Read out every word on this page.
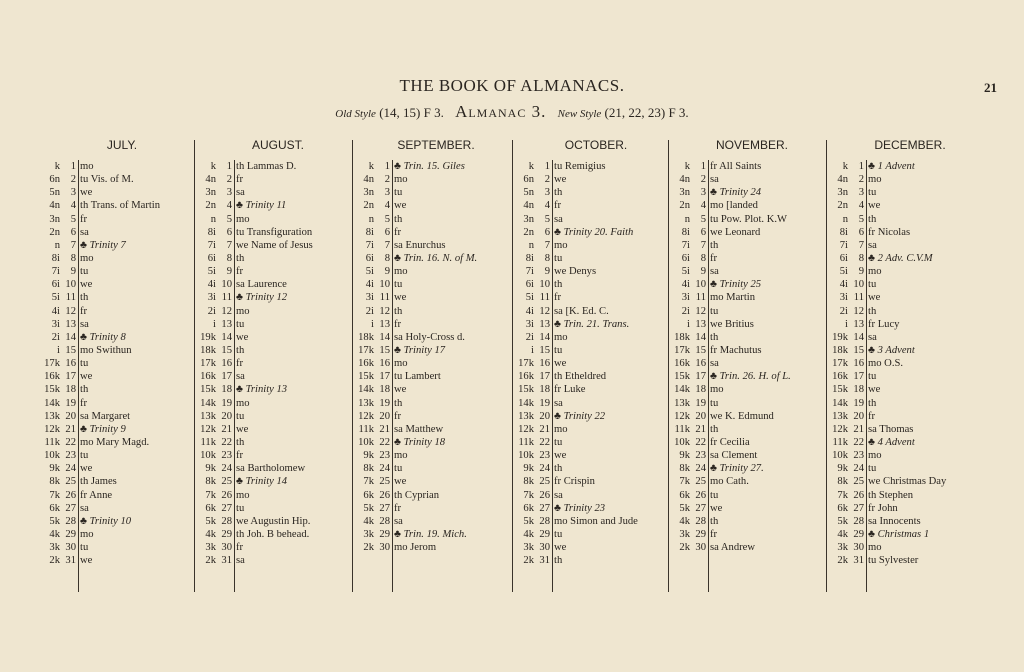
THE BOOK OF ALMANACS.	21
Old Style (14, 15) F 3. Almanac 3. New Style (21, 22, 23) F 3.
JULY.
k	1 mo
6n	2 tu Vis. of M.
5n	3 we
4n	4 th Trans. of Martin
3n	5 fr
2n	6 sa
n	7 ♣ Trinity 7
8i	8 mo
7i	9 tu
6i 10 we
5i 11 th
4i 12 fr
3i 13 sa
2i 14 ♣ Trinity 8
i 15 mo Swithun
17k 16 tu
16k 17 we
15k 18 th
14k 19 fr
13k 20 sa Margaret
12k 21 ♣ Trinity 9
11k 22 mo Mary Magd.
10k 23 tu
9k 24 we
8k 25 th James
7k 26 fr Anne
6k 27 sa
5k 28 ♣ Trinity 10
4k 29 mo
3k 30 tu
2k 31 we
AUGUST.
k	1 th Lammas D.
4n	2 fr
3n	3 sa
2n	4 ♣ Trinity 11
n	5 mo
8i	6 tu Transfiguration
7i	7 we Name of Jesus
6i	8 th
5i	9 fr
4i 10 sa Laurence
3i 11 ♣ Trinity 12
2i 12 mo
i 13 tu
19k 14 we
18k 15 th
17k 16 fr
16k 17 sa
15k 18 ♣ Trinity 13
14k 19 mo
13k 20 tu
12k 21 we
11k 22 th
10k 23 fr
9k 24 sa Bartholomew
8k 25 ♣ Trinity 14
7k 26 mo
6k 27 tu
5k 28 we Augustin Hip.
4k 29 th Joh. B behead.
3k 30 fr
2k 31 sa
SEPTEMBER.
k	1 ♣ Trin. 15. Giles
4n	2 mo
3n	3 tu
2n	4 we
n	5 th
8i	6 fr
7i	7 sa Enurchus
6i	8 ♣ Trin. 16. N. of M.
5i	9 mo
4i 10 tu
3i 11 we
2i 12 th
i 13 fr
18k 14 sa Holy-Cross d.
17k 15 ♣ Trinity 17
16k 16 mo
15k 17 tu Lambert
14k 18 we
13k 19 th
12k 20 fr
11k 21 sa Matthew
10k 22 ♣ Trinity 18
9k 23 mo
8k 24 tu
7k 25 we
6k 26 th Cyprian
5k 27 fr
4k 28 sa
3k 29 ♣ Trin. 19. Mich.
2k 30 mo Jerom
OCTOBER.
k	1 tu Remigius
6n	2 we
5n	3 th
4n	4 fr
3n	5 sa
2n	6 ♣ Trinity 20. Faith
n	7 mo
8i	8 tu
7i	9 we Denys
6i 10 th
5i 11 fr
4i 12 sa [K. Ed. C.
3i 13 ♣ Trin. 21. Trans.
2i 14 mo
i 15 tu
17k 16 we
16k 17 th Etheldred
15k 18 fr Luke
14k 19 sa
13k 20 ♣ Trinity 22
12k 21 mo
11k 22 tu
10k 23 we
9k 24 th
8k 25 fr Crispin
7k 26 sa
6k 27 ♣ Trinity 23
5k 28 mo Simon and Jude
4k 29 tu
3k 30 we
2k 31 th
NOVEMBER.
k	1 fr All Saints
4n	2 sa
3n	3 ♣ Trinity 24
2n	4 mo [landed
n	5 tu Pow. Plot. K.W
8i	6 we Leonard
7i	7 th
6i	8 fr
5i	9 sa
4i 10 ♣ Trinity 25
3i 11 mo Martin
2i 12 tu
i 13 we Britius
18k 14 th
17k 15 fr Machutus
16k 16 sa
15k 17 ♣ Trin. 26. H. of L.
14k 18 mo
13k 19 tu
12k 20 we K. Edmund
11k 21 th
10k 22 fr Cecilia
9k 23 sa Clement
8k 24 ♣ Trinity 27.
7k 25 mo Cath.
6k 26 tu
5k 27 we
4k 28 th
3k 29 fr
2k 30 sa Andrew
DECEMBER.
k	1 ♣ 1 Advent
4n	2 mo
3n	3 tu
2n	4 we
n	5 th
8i	6 fr Nicolas
7i	7 sa
6i	8 ♣ 2 Adv. C.V.M
5i	9 mo
4i 10 tu
3i 11 we
2i 12 th
i 13 fr Lucy
19k 14 sa
18k 15 ♣ 3 Advent
17k 16 mo O.S.
16k 17 tu
15k 18 we
14k 19 th
13k 20 fr
12k 21 sa Thomas
11k 22 ♣ 4 Advent
10k 23 mo
9k 24 tu
8k 25 we Christmas Day
7k 26 th Stephen
6k 27 fr John
5k 28 sa Innocents
4k 29 ♣ Christmas 1
3k 30 mo
2k 31 tu Sylvester
